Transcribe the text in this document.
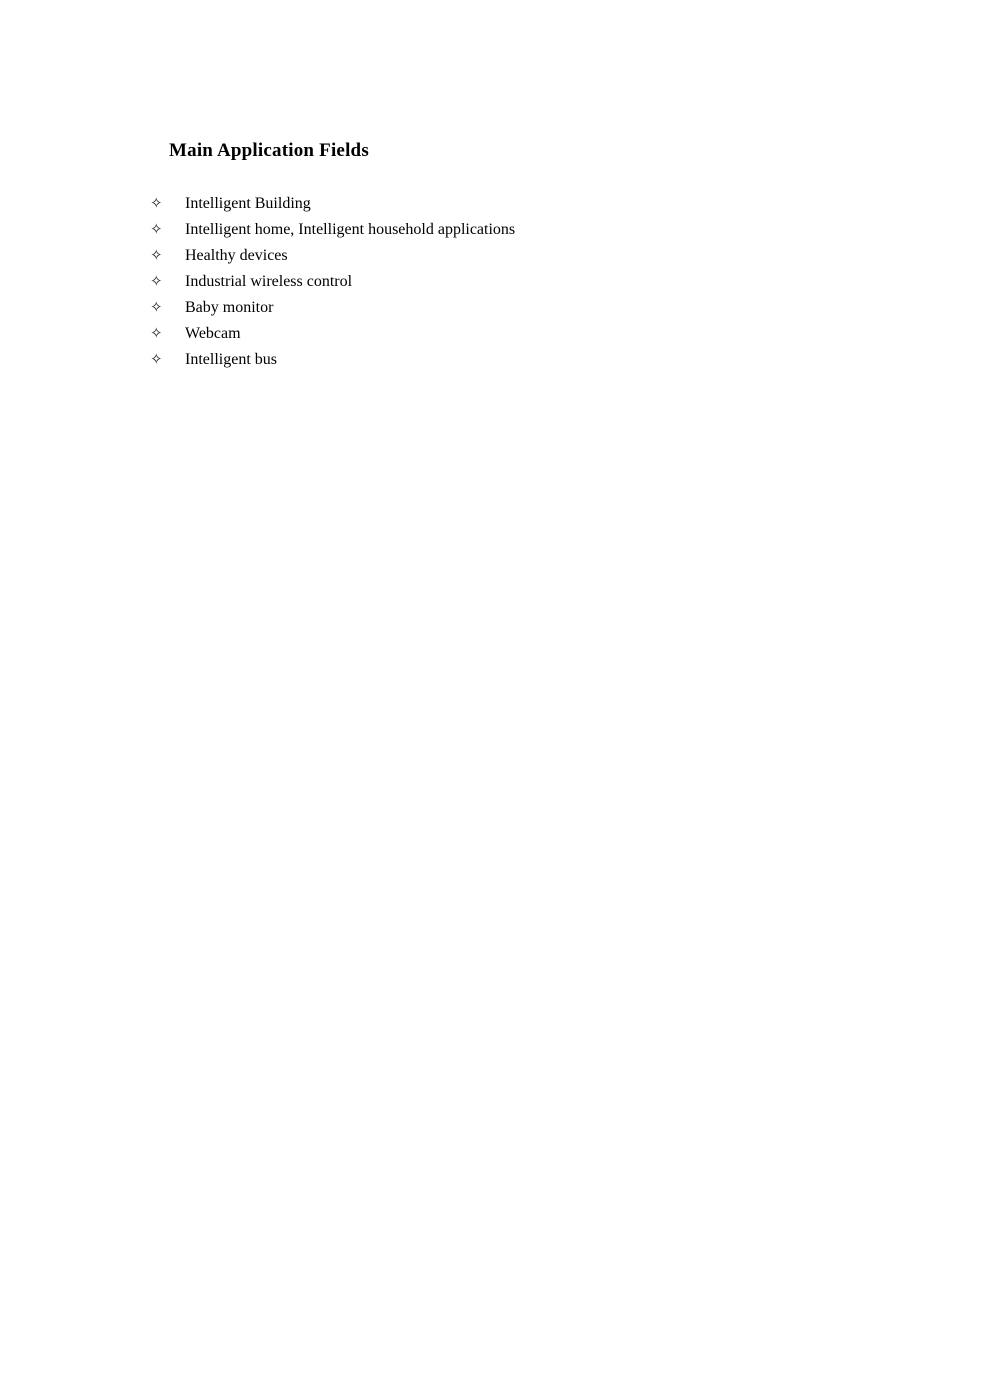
Main Application Fields
✧	Intelligent Building
✧	Intelligent home, Intelligent household applications
✧	Healthy devices
✧	Industrial wireless control
✧	Baby monitor
✧	Webcam
✧	Intelligent bus
